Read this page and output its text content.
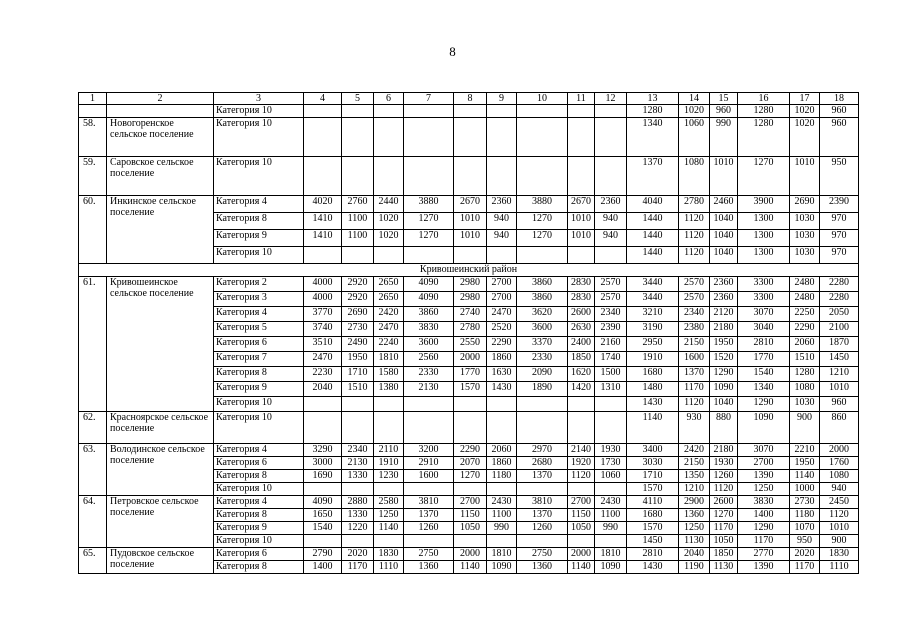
8
1	2	3	4	5	6	7	8	9	10	11	12	13	14	15	16	17	18
		Категория 10										1280	1020	960	1280	1020	960
58.	Новогоренское сельское поселение	Категория 10										1340	1060	990	1280	1020	960
59.	Саровское сельское поселение	Категория 10										1370	1080	1010	1270	1010	950
60.	Инкинское сельское поселение	Категория 4	4020	2760	2440	3880	2670	2360	3880	2670	2360	4040	2780	2460	3900	2690	2390
		Категория 8	1410	1100	1020	1270	1010	940	1270	1010	940	1440	1120	1040	1300	1030	970
		Категория 9	1410	1100	1020	1270	1010	940	1270	1010	940	1440	1120	1040	1300	1030	970
		Категория 10										1440	1120	1040	1300	1030	970
Кривошеинский район																	
61.	Кривошеинское сельское поселение	Категория 2	4000	2920	2650	4090	2980	2700	3860	2830	2570	3440	2570	2360	3300	2480	2280
		Категория 3	4000	2920	2650	4090	2980	2700	3860	2830	2570	3440	2570	2360	3300	2480	2280
		Категория 4	3770	2690	2420	3860	2740	2470	3620	2600	2340	3210	2340	2120	3070	2250	2050
		Категория 5	3740	2730	2470	3830	2780	2520	3600	2630	2390	3190	2380	2180	3040	2290	2100
		Категория 6	3510	2490	2240	3600	2550	2290	3370	2400	2160	2950	2150	1950	2810	2060	1870
		Категория 7	2470	1950	1810	2560	2000	1860	2330	1850	1740	1910	1600	1520	1770	1510	1450
		Категория 8	2230	1710	1580	2330	1770	1630	2090	1620	1500	1680	1370	1290	1540	1280	1210
		Категория 9	2040	1510	1380	2130	1570	1430	1890	1420	1310	1480	1170	1090	1340	1080	1010
		Категория 10										1430	1120	1040	1290	1030	960
62.	Красноярское сельское поселение	Категория 10										1140	930	880	1090	900	860
63.	Володинское сельское поселение	Категория 4	3290	2340	2110	3200	2290	2060	2970	2140	1930	3400	2420	2180	3070	2210	2000
		Категория 6	3000	2130	1910	2910	2070	1860	2680	1920	1730	3030	2150	1930	2700	1950	1760
		Категория 8	1690	1330	1230	1600	1270	1180	1370	1120	1060	1710	1350	1260	1390	1140	1080
		Категория 10										1570	1210	1120	1250	1000	940
64.	Петровское сельское поселение	Категория 4	4090	2880	2580	3810	2700	2430	3810	2700	2430	4110	2900	2600	3830	2730	2450
		Категория 8	1650	1330	1250	1370	1150	1100	1370	1150	1100	1680	1360	1270	1400	1180	1120
		Категория 9	1540	1220	1140	1260	1050	990	1260	1050	990	1570	1250	1170	1290	1070	1010
		Категория 10										1450	1130	1050	1170	950	900
65.	Пудовское сельское поселение	Категория 6	2790	2020	1830	2750	2000	1810	2750	2000	1810	2810	2040	1850	2770	2020	1830
		Категория 8	1400	1170	1110	1360	1140	1090	1360	1140	1090	1430	1190	1130	1390	1170	1110
